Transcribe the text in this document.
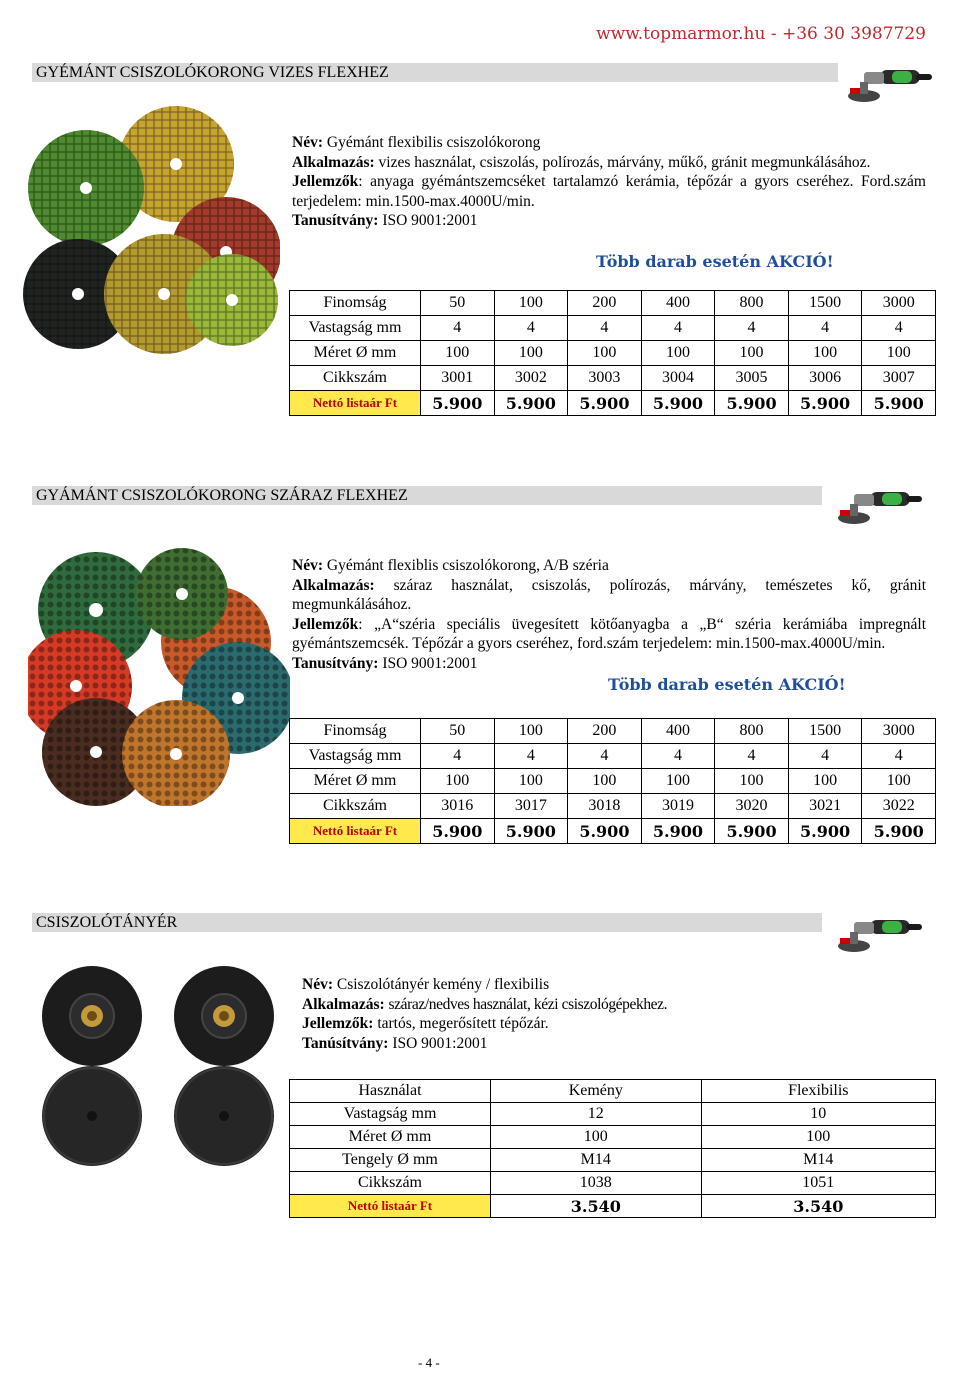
www.topmarmor.hu - +36 30 3987729
GYÉMÁNT CSISZOLÓKORONG VIZES FLEXHEZ
Név: Gyémánt flexibilis csiszolókorong
Alkalmazás: vizes használat, csiszolás, polírozás, márvány, műkő, gránit megmunkálásához.
Jellemzők: anyaga gyémántszemcséket tartalamzó kerámia, tépőzár a gyors cseréhez. Ford.szám terjedelem: min.1500-max.4000U/min.
Tanusítvány: ISO 9001:2001
Több darab esetén AKCIÓ!
Finomság	50	100	200	400	800	1500	3000
Vastagság mm	4	4	4	4	4	4	4
Méret Ø mm	100	100	100	100	100	100	100
Cikkszám	3001	3002	3003	3004	3005	3006	3007
Nettó listaár Ft	5.900	5.900	5.900	5.900	5.900	5.900	5.900
GYÁMÁNT CSISZOLÓKORONG SZÁRAZ FLEXHEZ
Név: Gyémánt flexiblis csiszolókorong, A/B széria
Alkalmazás: száraz használat, csiszolás, polírozás, márvány, temészetes kő, gránit megmunkálásához.
Jellemzők: „A“széria speciális üvegesített kötőanyagba a „B“ széria kerámiába impregnált gyémántszemcsék. Tépőzár a gyors cseréhez, ford.szám terjedelem: min.1500-max.4000U/min.
Tanusítvány: ISO 9001:2001
Több darab esetén AKCIÓ!
Finomság	50	100	200	400	800	1500	3000
Vastagság mm	4	4	4	4	4	4	4
Méret Ø mm	100	100	100	100	100	100	100
Cikkszám	3016	3017	3018	3019	3020	3021	3022
Nettó listaár Ft	5.900	5.900	5.900	5.900	5.900	5.900	5.900
CSISZOLÓTÁNYÉR
Név: Csiszolótányér kemény / flexibilis
Alkalmazás: száraz/nedves használat, kézi csiszológépekhez.
Jellemzők: tartós, megerősített tépőzár.
Tanúsítvány: ISO 9001:2001
Használat	Kemény	Flexibilis
Vastagság mm	12	10
Méret Ø mm	100	100
Tengely Ø mm	M14	M14
Cikkszám	1038	1051
Nettó listaár Ft	3.540	3.540
- 4 -
